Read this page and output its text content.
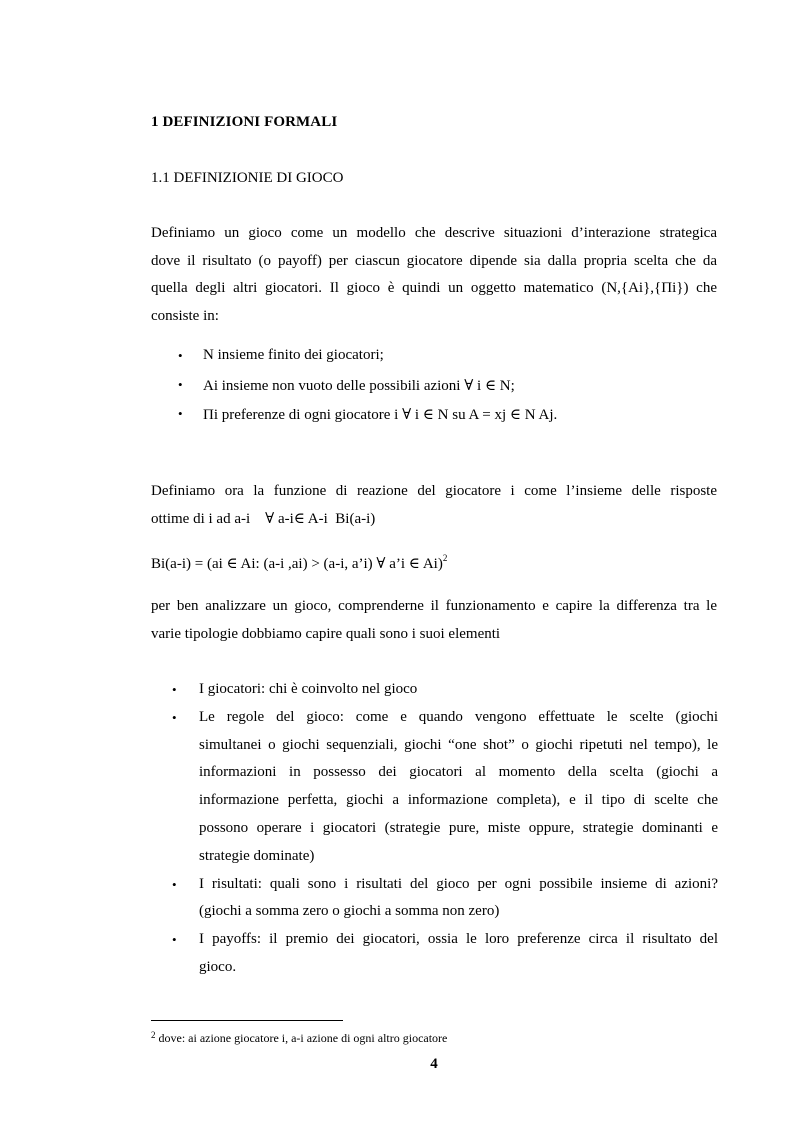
1 DEFINIZIONI FORMALI
1.1 DEFINIZIONIE DI GIOCO
Definiamo un gioco come un modello che descrive situazioni d’interazione strategica
dove il risultato (o payoff) per ciascun giocatore dipende sia dalla propria scelta che da
quella degli altri giocatori. Il gioco è quindi un oggetto matematico (N,{Ai},{Πi}) che
consiste in:
• N insieme finito dei giocatori;
• Ai insieme non vuoto delle possibili azioni ∀ i ∈ N;
• Πi preferenze di ogni giocatore i ∀ i ∈ N su A = xj ∈ N Aj.
Definiamo ora la funzione di reazione del giocatore i come l’insieme delle risposte
ottime di i ad a-i    ∀ a-i∈ A-i  Bi(a-i)
Bi(a-i) = (ai ∈ Ai: (a-i ,ai) > (a-i, a’i) ∀ a’i ∈ Ai)$^2$
per ben analizzare un gioco, comprenderne il funzionamento e capire la differenza tra le
varie tipologie dobbiamo capire quali sono i suoi elementi
• I giocatori: chi è coinvolto nel gioco
• Le regole del gioco: come e quando vengono effettuate le scelte (giochi
simultanei o giochi sequenziali, giochi “one shot” o giochi ripetuti nel tempo), le
informazioni in possesso dei giocatori al momento della scelta (giochi a
informazione perfetta, giochi a informazione completa), e il tipo di scelte che
possono operare i giocatori (strategie pure, miste oppure, strategie dominanti e
strategie dominate)
• I risultati: quali sono i risultati del gioco per ogni possibile insieme di azioni?
(giochi a somma zero o giochi a somma non zero)
• I payoffs: il premio dei giocatori, ossia le loro preferenze circa il risultato del
gioco.
$^2$ dove: ai azione giocatore i, a-i azione di ogni altro giocatore
4
